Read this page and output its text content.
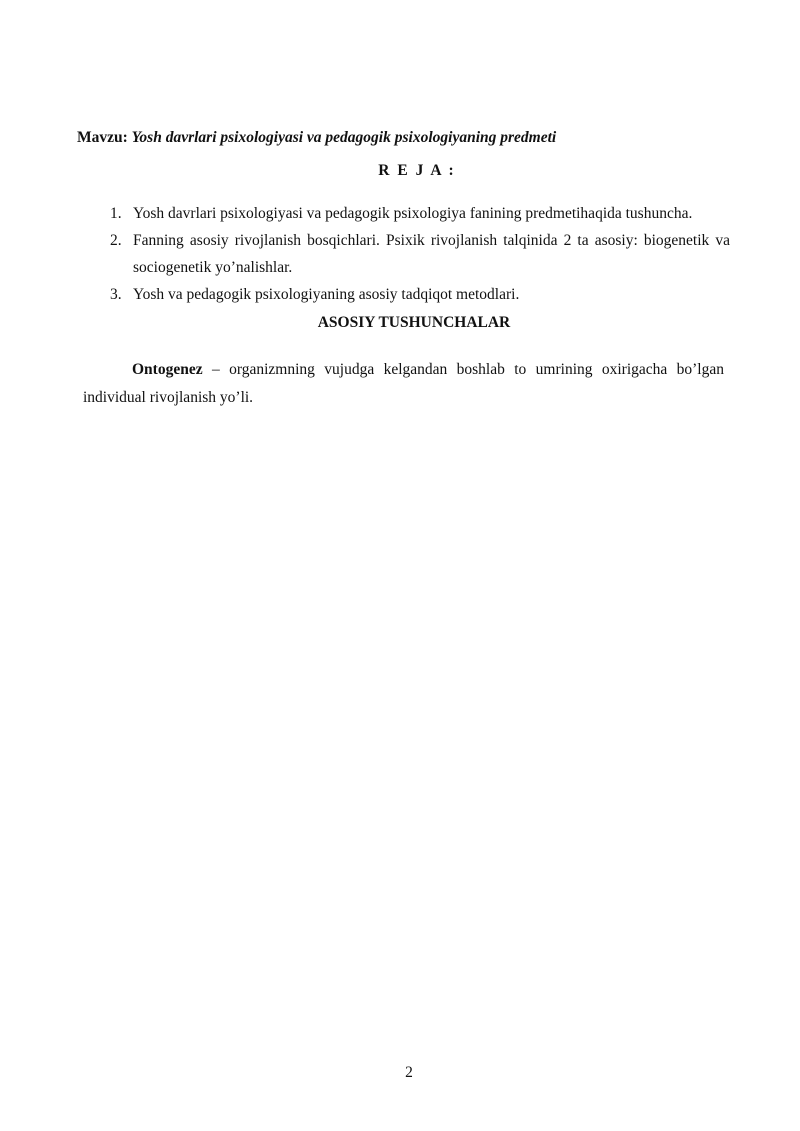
Mavzu: Yosh davrlari psixologiyasi va pedagogik psixologiyaning predmeti
R E J A :
1. Yosh davrlari psixologiyasi va pedagogik psixologiya fanining predmetihaqida tushuncha.
2. Fanning asosiy rivojlanish bosqichlari. Psixik rivojlanish talqinida 2 ta asosiy: biogenetik va sociogenetik yo’nalishlar.
3. Yosh va pedagogik psixologiyaning asosiy tadqiqot metodlari.
ASOSIY TUSHUNCHALAR

Ontogenez – organizmning vujudga kelgandan boshlab to umrining oxirigacha bo’lgan individual rivojlanish yo’li.

2
